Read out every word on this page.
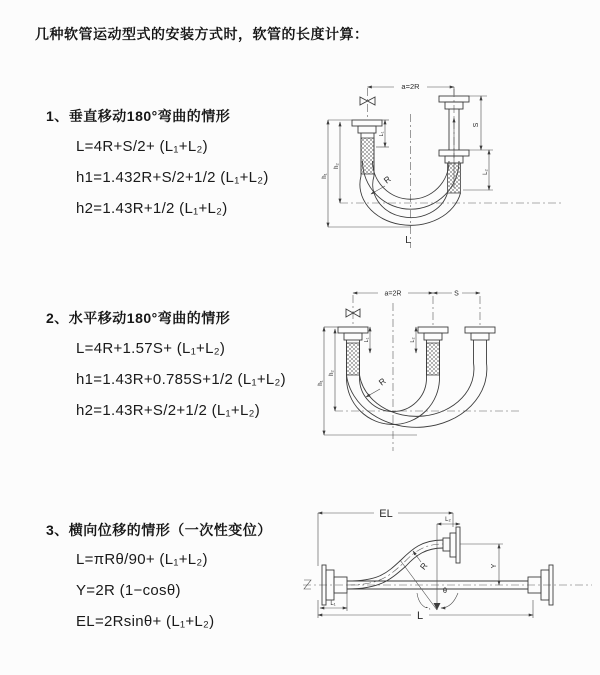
几种软管运动型式的安装方式时，软管的长度计算：
1、垂直移动180°弯曲的情形
L=4R+S/2+ (L₁+L₂)
h1=1.432R+S/2+1/2 (L₁+L₂)
h2=1.43R+1/2 (L₁+L₂)
2、水平移动180°弯曲的情形
L=4R+1.57S+ (L₁+L₂)
h1=1.43R+0.785S+1/2 (L₁+L₂)
h2=1.43R+S/2+1/2 (L₁+L₂)
3、横向位移的情形（一次性变位）
L=πRθ/90+ (L₁+L₂)
Y=2R (1−cosθ)
EL=2Rsinθ+ (L₁+L₂)
a=2R
S
L₂
L₁
h₁
h₂
R
L
a=2R	S
L₁	L₂
h₁
h₂
R
EL	L₂
Y
θ
R
L
L₁
